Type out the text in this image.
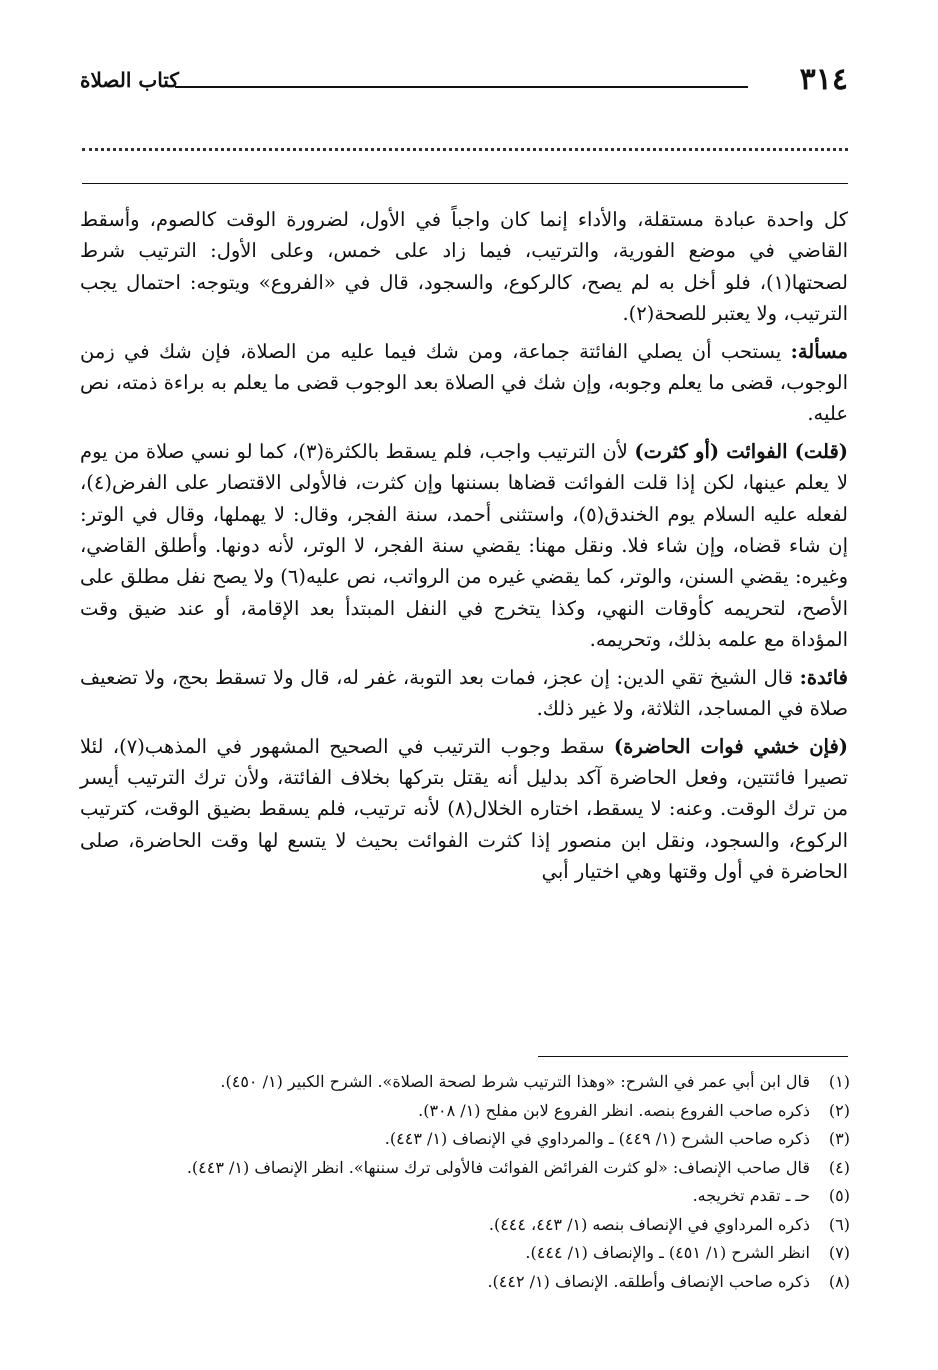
٣١٤
كتاب الصلاة

كل واحدة عبادة مستقلة، والأداء إنما كان واجباً في الأول، لضرورة الوقت كالصوم، وأسقط القاضي في موضع الفورية، والترتيب، فيما زاد على خمس، وعلى الأول: الترتيب شرط لصحتها(١)، فلو أخل به لم يصح، كالركوع، والسجود، قال في «الفروع» ويتوجه: احتمال يجب الترتيب، ولا يعتبر للصحة(٢).

مسألة: يستحب أن يصلي الفائتة جماعة، ومن شك فيما عليه من الصلاة، فإن شك في زمن الوجوب، قضى ما يعلم وجوبه، وإن شك في الصلاة بعد الوجوب قضى ما يعلم به براءة ذمته، نص عليه.

(قلت) الفوائت (أو كثرت) لأن الترتيب واجب، فلم يسقط بالكثرة(٣)، كما لو نسي صلاة من يوم لا يعلم عينها، لكن إذا قلت الفوائت قضاها بسننها وإن كثرت، فالأولى الاقتصار على الفرض(٤)، لفعله عليه السلام يوم الخندق(٥)، واستثنى أحمد، سنة الفجر، وقال: لا يهملها، وقال في الوتر: إن شاء قضاه، وإن شاء فلا. ونقل مهنا: يقضي سنة الفجر، لا الوتر، لأنه دونها. وأطلق القاضي، وغيره: يقضي السنن، والوتر، كما يقضي غيره من الرواتب، نص عليه(٦) ولا يصح نفل مطلق على الأصح، لتحريمه كأوقات النهي، وكذا يتخرج في النفل المبتدأ بعد الإقامة، أو عند ضيق وقت المؤداة مع علمه بذلك، وتحريمه.

فائدة: قال الشيخ تقي الدين: إن عجز، فمات بعد التوبة، غفر له، قال ولا تسقط بحج، ولا تضعيف صلاة في المساجد، الثلاثة، ولا غير ذلك.

(فإن خشي فوات الحاضرة) سقط وجوب الترتيب في الصحيح المشهور في المذهب(٧)، لئلا تصيرا فائتتين، وفعل الحاضرة آكد بدليل أنه يقتل بتركها بخلاف الفائتة، ولأن ترك الترتيب أيسر من ترك الوقت. وعنه: لا يسقط، اختاره الخلال(٨) لأنه ترتيب، فلم يسقط بضيق الوقت، كترتيب الركوع، والسجود، ونقل ابن منصور إذا كثرت الفوائت بحيث لا يتسع لها وقت الحاضرة، صلى الحاضرة في أول وقتها وهي اختيار أبي

(١)قال ابن أبي عمر في الشرح: «وهذا الترتيب شرط لصحة الصلاة». الشرح الكبير (١/ ٤٥٠).
(٢)ذكره صاحب الفروع بنصه. انظر الفروع لابن مفلح (١/ ٣٠٨).
(٣)ذكره صاحب الشرح (١/ ٤٤٩) ـ والمرداوي في الإنصاف (١/ ٤٤٣).
(٤)قال صاحب الإنصاف: «لو كثرت الفرائض الفوائت فالأولى ترك سننها». انظر الإنصاف (١/ ٤٤٣).
(٥)حـ ـ تقدم تخريجه.
(٦)ذكره المرداوي في الإنصاف بنصه (١/ ٤٤٣، ٤٤٤).
(٧)انظر الشرح (١/ ٤٥١) ـ والإنصاف (١/ ٤٤٤).
(٨)ذكره صاحب الإنصاف وأطلقه. الإنصاف (١/ ٤٤٢).
